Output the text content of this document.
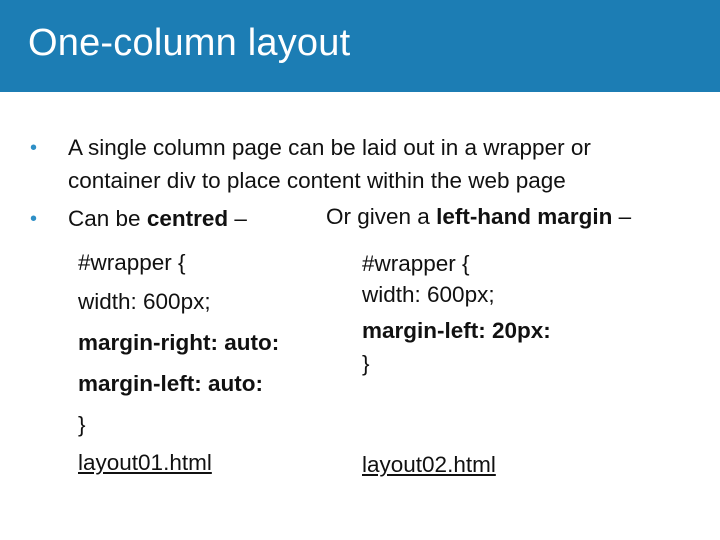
One-column layout
• A single column page can be laid out in a wrapper or
container div to place content within the web page
• Can be centred –	Or given a left-hand margin –
#wrapper {
width: 600px;
margin-right: auto:
margin-left: auto:
}
layout01.html
#wrapper {
width: 600px;
margin-left: 20px:
}
layout02.html
